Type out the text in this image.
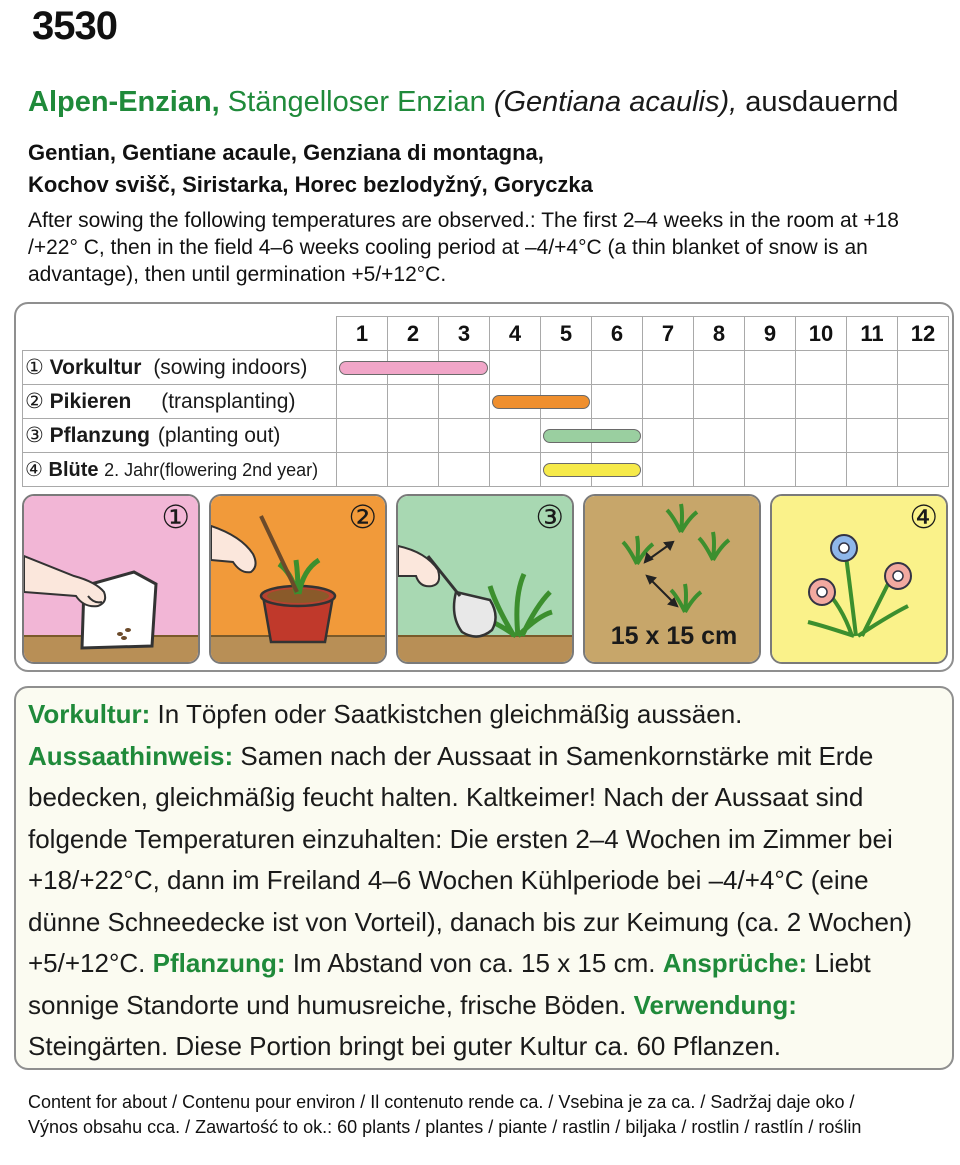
3530
Alpen-Enzian, Stängelloser Enzian (Gentiana acaulis), ausdauernd
Gentian, Gentiane acaule, Genziana di montagna,
Kochov svišč, Siristarka, Horec bezlodyžný, Goryczka
After sowing the following temperatures are observed.: The first 2–4 weeks in the room at +18 /+22° C, then in the field 4–6 weeks cooling period at –4/+4°C (a thin blanket of snow is an advantage), then until germination +5/+12°C.
	1	2	3	4	5	6	7	8	9	10	11	12
① Vorkultur (sowing indoors)												
② Pikieren (transplanting)												
③ Pflanzung (planting out)												
④ Blüte 2. Jahr(flowering 2nd year)												
①	②	③
15 x 15 cm
④
Vorkultur: In Töpfen oder Saatkistchen gleichmäßig aussäen.
Aussaathinweis: Samen nach der Aussaat in Samenkornstärke mit Erde bedecken, gleichmäßig feucht halten. Kaltkeimer! Nach der Aussaat sind folgende Temperaturen einzuhalten: Die ersten 2–4 Wochen im Zimmer bei +18/+22°C, dann im Freiland 4–6 Wochen Kühlperiode bei –4/+4°C (eine dünne Schneedecke ist von Vorteil), danach bis zur Keimung (ca. 2 Wochen) +5/+12°C. Pflanzung: Im Abstand von ca. 15 x 15 cm. Ansprüche: Liebt sonnige Standorte und humusreiche, frische Böden. Verwendung: Steingärten. Diese Portion bringt bei guter Kultur ca. 60 Pflanzen.
Content for about / Contenu pour environ / Il contenuto rende ca. / Vsebina je za ca. / Sadržaj daje oko /
Výnos obsahu cca. / Zawartość to ok.: 60 plants / plantes / piante / rastlin / biljaka / rostlin / rastlín / roślin
